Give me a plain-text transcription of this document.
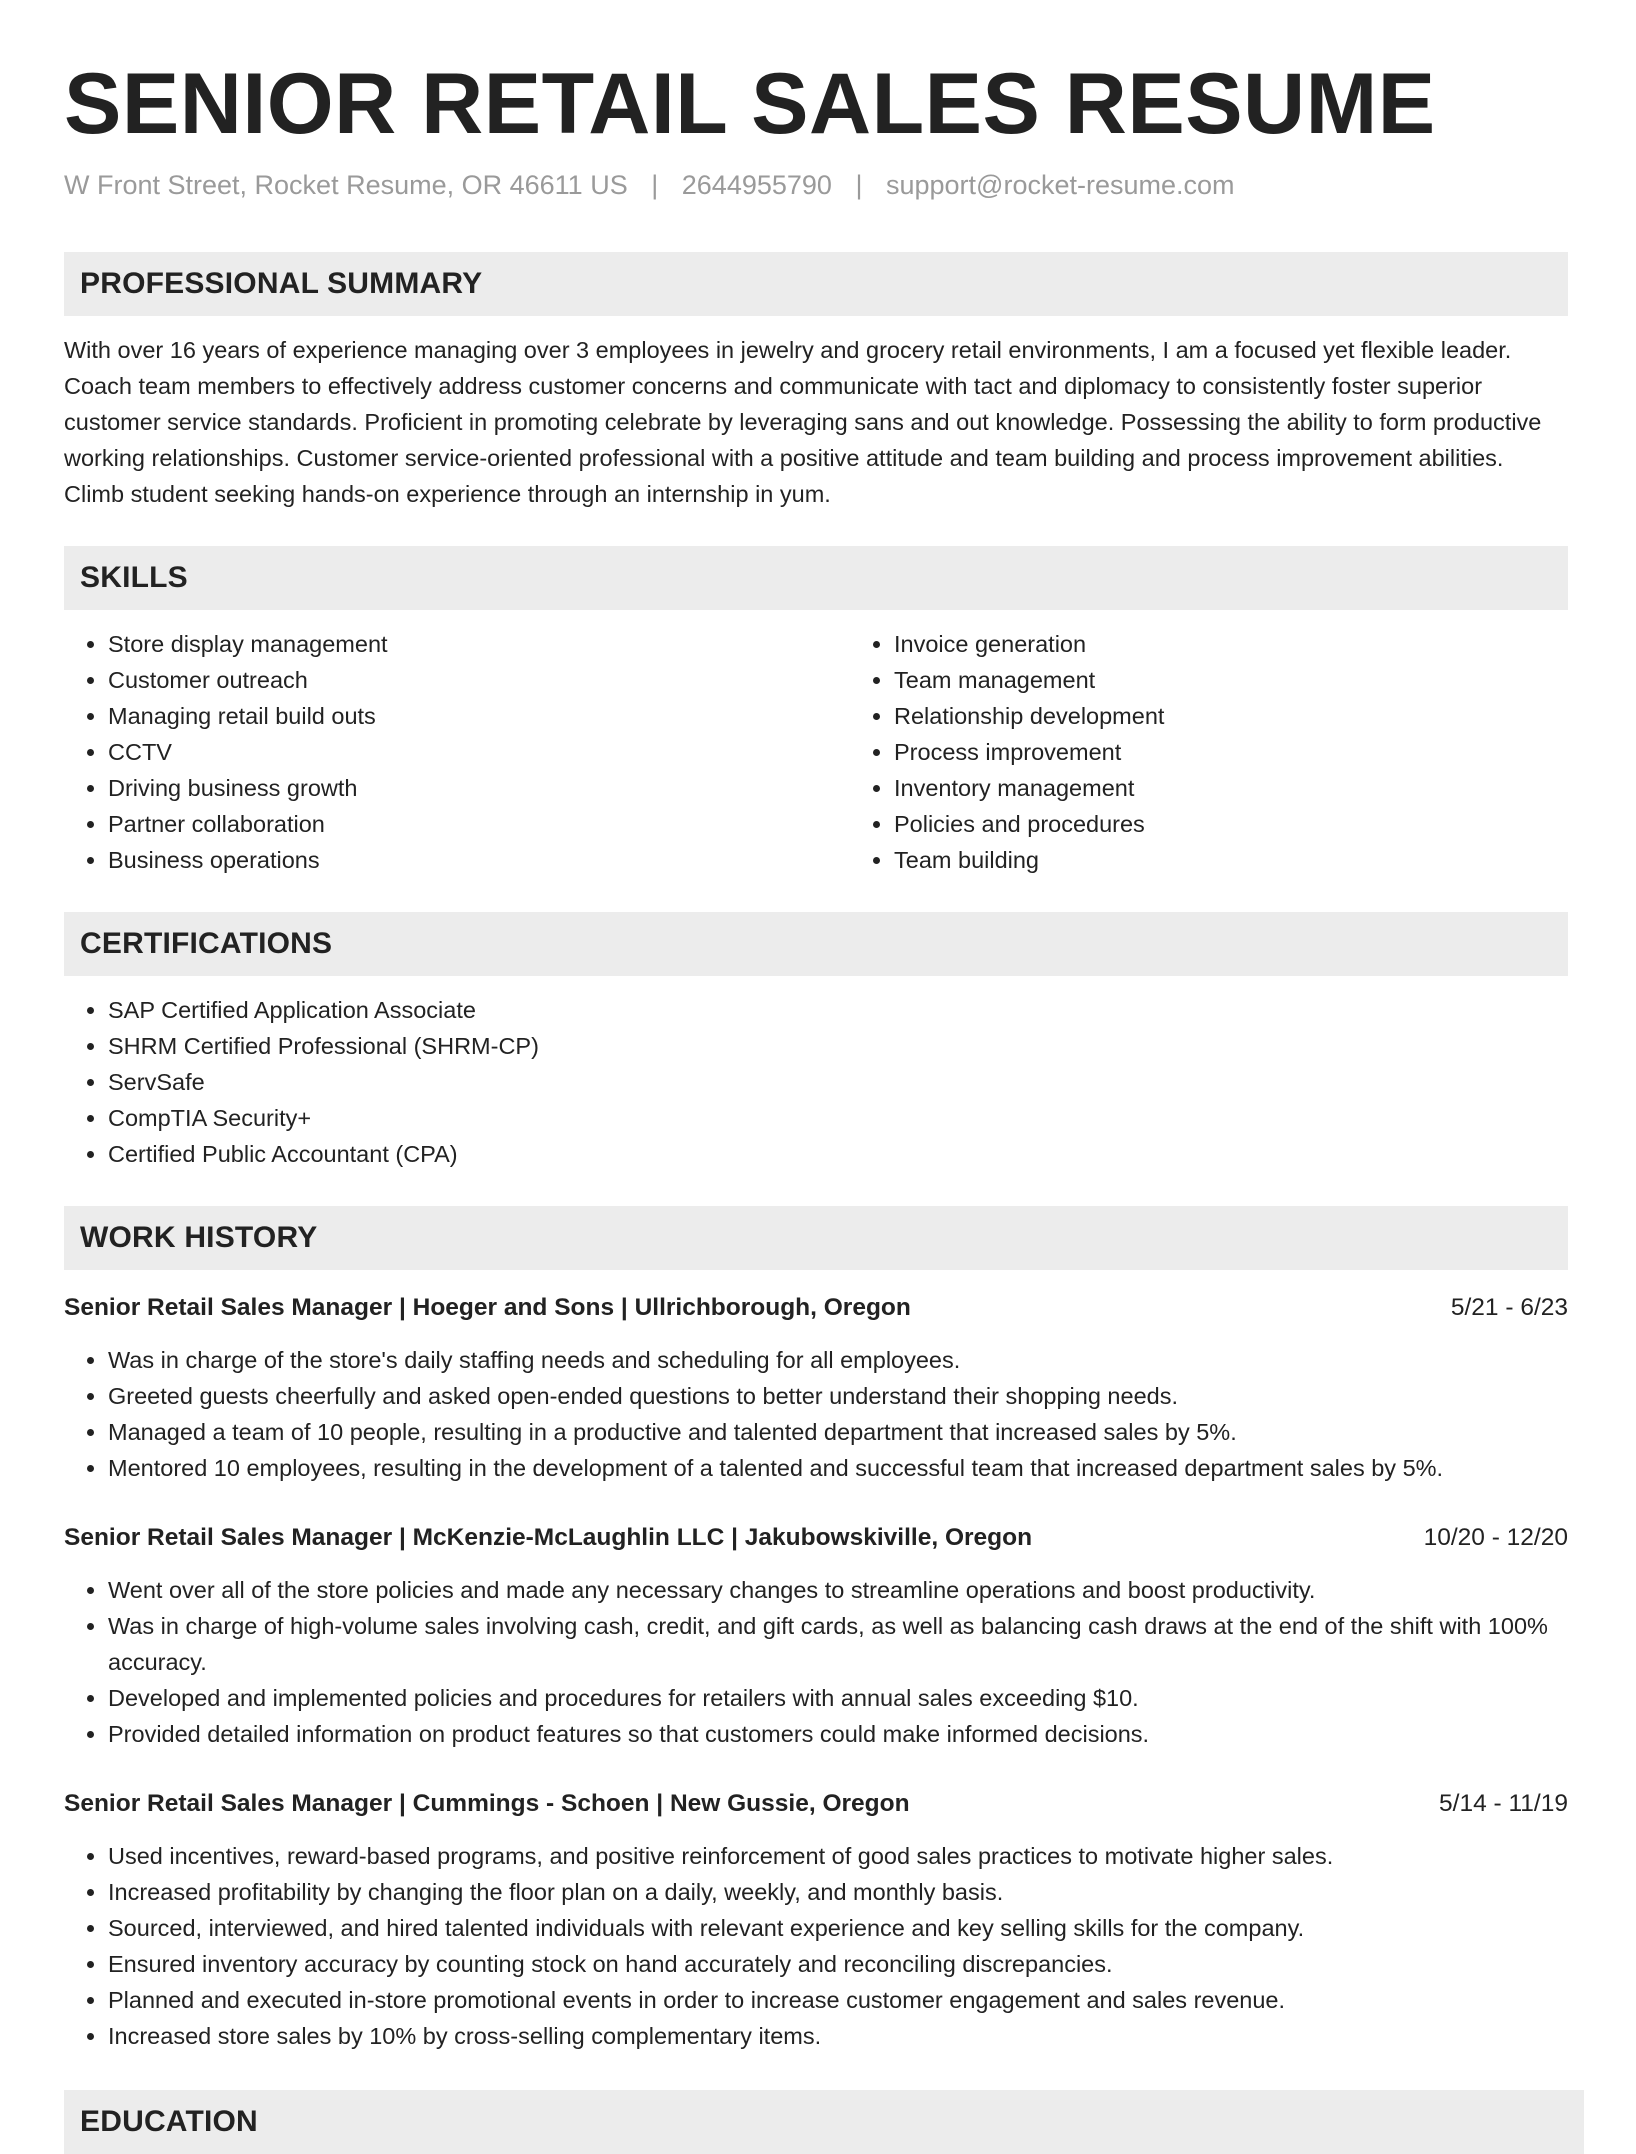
SENIOR RETAIL SALES RESUME
W Front Street, Rocket Resume, OR 46611 US | 2644955790 | support@rocket-resume.com
PROFESSIONAL SUMMARY

With over 16 years of experience managing over 3 employees in jewelry and grocery retail environments, I am a focused yet flexible leader. Coach team members to effectively address customer concerns and communicate with tact and diplomacy to consistently foster superior customer service standards. Proficient in promoting celebrate by leveraging sans and out knowledge. Possessing the ability to form productive working relationships. Customer service-oriented professional with a positive attitude and team building and process improvement abilities. Climb student seeking hands-on experience through an internship in yum.

SKILLS
• Store display management
• Customer outreach
• Managing retail build outs
• CCTV
• Driving business growth
• Partner collaboration
• Business operations
• Invoice generation
• Team management
• Relationship development
• Process improvement
• Inventory management
• Policies and procedures
• Team building
CERTIFICATIONS
• SAP Certified Application Associate
• SHRM Certified Professional (SHRM-CP)
• ServSafe
• CompTIA Security+
• Certified Public Accountant (CPA)
WORK HISTORY
Senior Retail Sales Manager | Hoeger and Sons | Ullrichborough, Oregon	5/21 - 6/23
• Was in charge of the store's daily staffing needs and scheduling for all employees.
• Greeted guests cheerfully and asked open-ended questions to better understand their shopping needs.
• Managed a team of 10 people, resulting in a productive and talented department that increased sales by 5%.
• Mentored 10 employees, resulting in the development of a talented and successful team that increased department sales by 5%.
Senior Retail Sales Manager | McKenzie-McLaughlin LLC | Jakubowskiville, Oregon	10/20 - 12/20
• Went over all of the store policies and made any necessary changes to streamline operations and boost productivity.
• Was in charge of high-volume sales involving cash, credit, and gift cards, as well as balancing cash draws at the end of the shift with 100% accuracy.
• Developed and implemented policies and procedures for retailers with annual sales exceeding $10.
• Provided detailed information on product features so that customers could make informed decisions.
Senior Retail Sales Manager | Cummings - Schoen | New Gussie, Oregon	5/14 - 11/19
• Used incentives, reward-based programs, and positive reinforcement of good sales practices to motivate higher sales.
• Increased profitability by changing the floor plan on a daily, weekly, and monthly basis.
• Sourced, interviewed, and hired talented individuals with relevant experience and key selling skills for the company.
• Ensured inventory accuracy by counting stock on hand accurately and reconciling discrepancies.
• Planned and executed in-store promotional events in order to increase customer engagement and sales revenue.
• Increased store sales by 10% by cross-selling complementary items.
EDUCATION
